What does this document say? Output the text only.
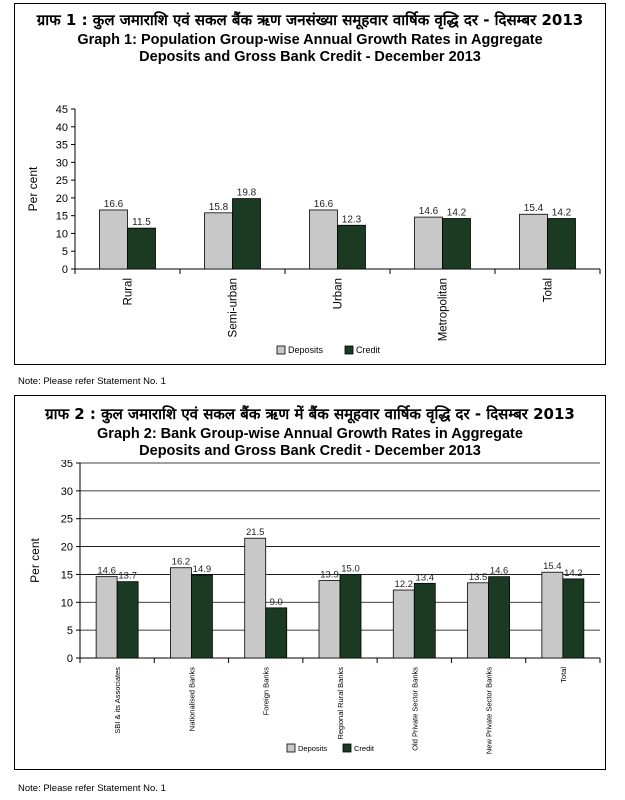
ग्राफ 1 : कुल जमाराशि एवं सकल बैंक ऋण जनसंख्या समूहवार वार्षिक वृद्धि दर - दिसम्बर 2013
Graph 1: Population Group-wise Annual Growth Rates in Aggregate
Deposits and Gross Bank Credit - December 2013
0
5
10
15
20
25
30
35
40
45
Per cent	16.6
11.5
Rural
15.8
19.8
Semi-urban
16.6
12.3
Urban
14.6 14.2
Metropolitan
15.4 14.2
Total
Deposits	Credit
Note: Please refer Statement No. 1
ग्राफ 2 : कुल जमाराशि एवं सकल बैंक ऋण में बैंक समूहवार वार्षिक वृद्धि दर - दिसम्बर 2013
Graph 2: Bank Group-wise Annual Growth Rates in Aggregate
Deposits and Gross Bank Credit - December 2013
0
5
10
15
20
25
30
35
Per cent	14.6 13.7
SBI & its Associates
16.2
14.9
Nationalised Banks
21.5
9.0
Foreign Banks
13.9
15.0
Regional Rural Banks
12.2
13.4
Old Private Sector Banks
13.5
14.6
New Private Sector Banks
15.4
14.2
Total
Deposits	Credit
Note: Please refer Statement No. 1
